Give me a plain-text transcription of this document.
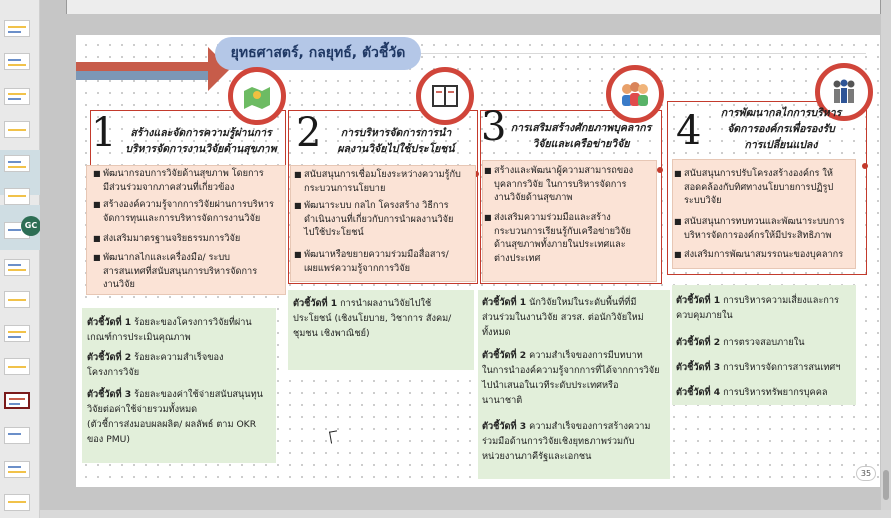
GC
ยุทธศาสตร์, กลยุทธ์, ตัวชี้วัด
1	สร้างและจัดการความรู้ผ่านการ
บริหารจัดการงานวิจัยด้านสุขภาพ
■ พัฒนากรอบการวิจัยด้านสุขภาพ โดยการ
มีส่วนร่วมจากภาคส่วนที่เกี่ยวข้อง
■ สร้างองค์ความรู้จากการวิจัยผ่านการบริหาร
จัดการทุนและการบริหารจัดการงานวิจัย
■ ส่งเสริมมาตรฐานจริยธรรมการวิจัย
■ พัฒนากลไกและเครื่องมือ/ ระบบ
สารสนเทศที่สนับสนุนการบริหารจัดการ
งานวิจัย
ตัวชี้วัดที่ 1 ร้อยละของโครงการวิจัยที่ผ่าน
เกณฑ์การประเมินคุณภาพ
ตัวชี้วัดที่ 2 ร้อยละความสำเร็จของ
โครงการวิจัย
ตัวชี้วัดที่ 3 ร้อยละของค่าใช้จ่ายสนับสนุนทุน
วิจัยต่อค่าใช้จ่ายรวมทั้งหมด
(ตัวชี้การส่งมอบผลผลิต/ ผลลัพธ์ ตาม OKR
ของ PMU)
2	การบริหารจัดการการนำ
ผลงานวิจัยไปใช้ประโยชน์
■ สนับสนุนการเชื่อมโยงระหว่างความรู้กับ
กระบวนการนโยบาย
■ พัฒนาระบบ กลไก โครงสร้าง วิธีการ
ดำเนินงานที่เกี่ยวกับการนำผลงานวิจัย
ไปใช้ประโยชน์
■ พัฒนาหรือขยายความร่วมมือสื่อสาร/
เผยแพร่ความรู้จากการวิจัย
ตัวชี้วัดที่ 1 การนำผลงานวิจัยไปใช้
ประโยชน์ (เชิงนโยบาย, วิชาการ สังคม/
ชุมชน เชิงพาณิชย์)
3 การเสริมสร้างศักยภาพบุคลากร
วิจัยและเครือข่ายวิจัย
■ สร้างและพัฒนาผู้ความสามารถของ
บุคลากรวิจัย ในการบริหารจัดการ
งานวิจัยด้านสุขภาพ
■ ส่งเสริมความร่วมมือและสร้าง
กระบวนการเรียนรู้กับเครือข่ายวิจัย
ด้านสุขภาพทั้งภายในประเทศและ
ต่างประเทศ
ตัวชี้วัดที่ 1 นักวิจัยใหม่ในระดับพื้นที่ที่มี
ส่วนร่วมในงานวิจัย สวรส. ต่อนักวิจัยใหม่
ทั้งหมด
ตัวชี้วัดที่ 2 ความสำเร็จของการมีบทบาท
ในการนำองค์ความรู้จากการที่ได้จากการวิจัย
ไปนำเสนอในเวทีระดับประเทศหรือ
นานาชาติ
ตัวชี้วัดที่ 3 ความสำเร็จของการสร้างความ
ร่วมมือด้านการวิจัยเชิงยุทธภาพร่วมกับ
หน่วยงานภาคีรัฐและเอกชน
4	การพัฒนากลไกการบริหาร
จัดการองค์กรเพื่อรองรับ
การเปลี่ยนแปลง
■ สนับสนุนการปรับโครงสร้างองค์กร ให้
สอดคล้องกับทิศทางนโยบายการปฏิรูป
ระบบวิจัย
■ สนับสนุนการทบทวนและพัฒนาระบบการ
บริหารจัดการองค์กรให้มีประสิทธิภาพ
■ ส่งเสริมการพัฒนาสมรรถนะของบุคลากร
ตัวชี้วัดที่ 1 การบริหารความเสี่ยงและการ
ควบคุมภายใน
ตัวชี้วัดที่ 2 การตรวจสอบภายใน
ตัวชี้วัดที่ 3 การบริหารจัดการสารสนเทศฯ
ตัวชี้วัดที่ 4 การบริหารทรัพยากรบุคคล
35
